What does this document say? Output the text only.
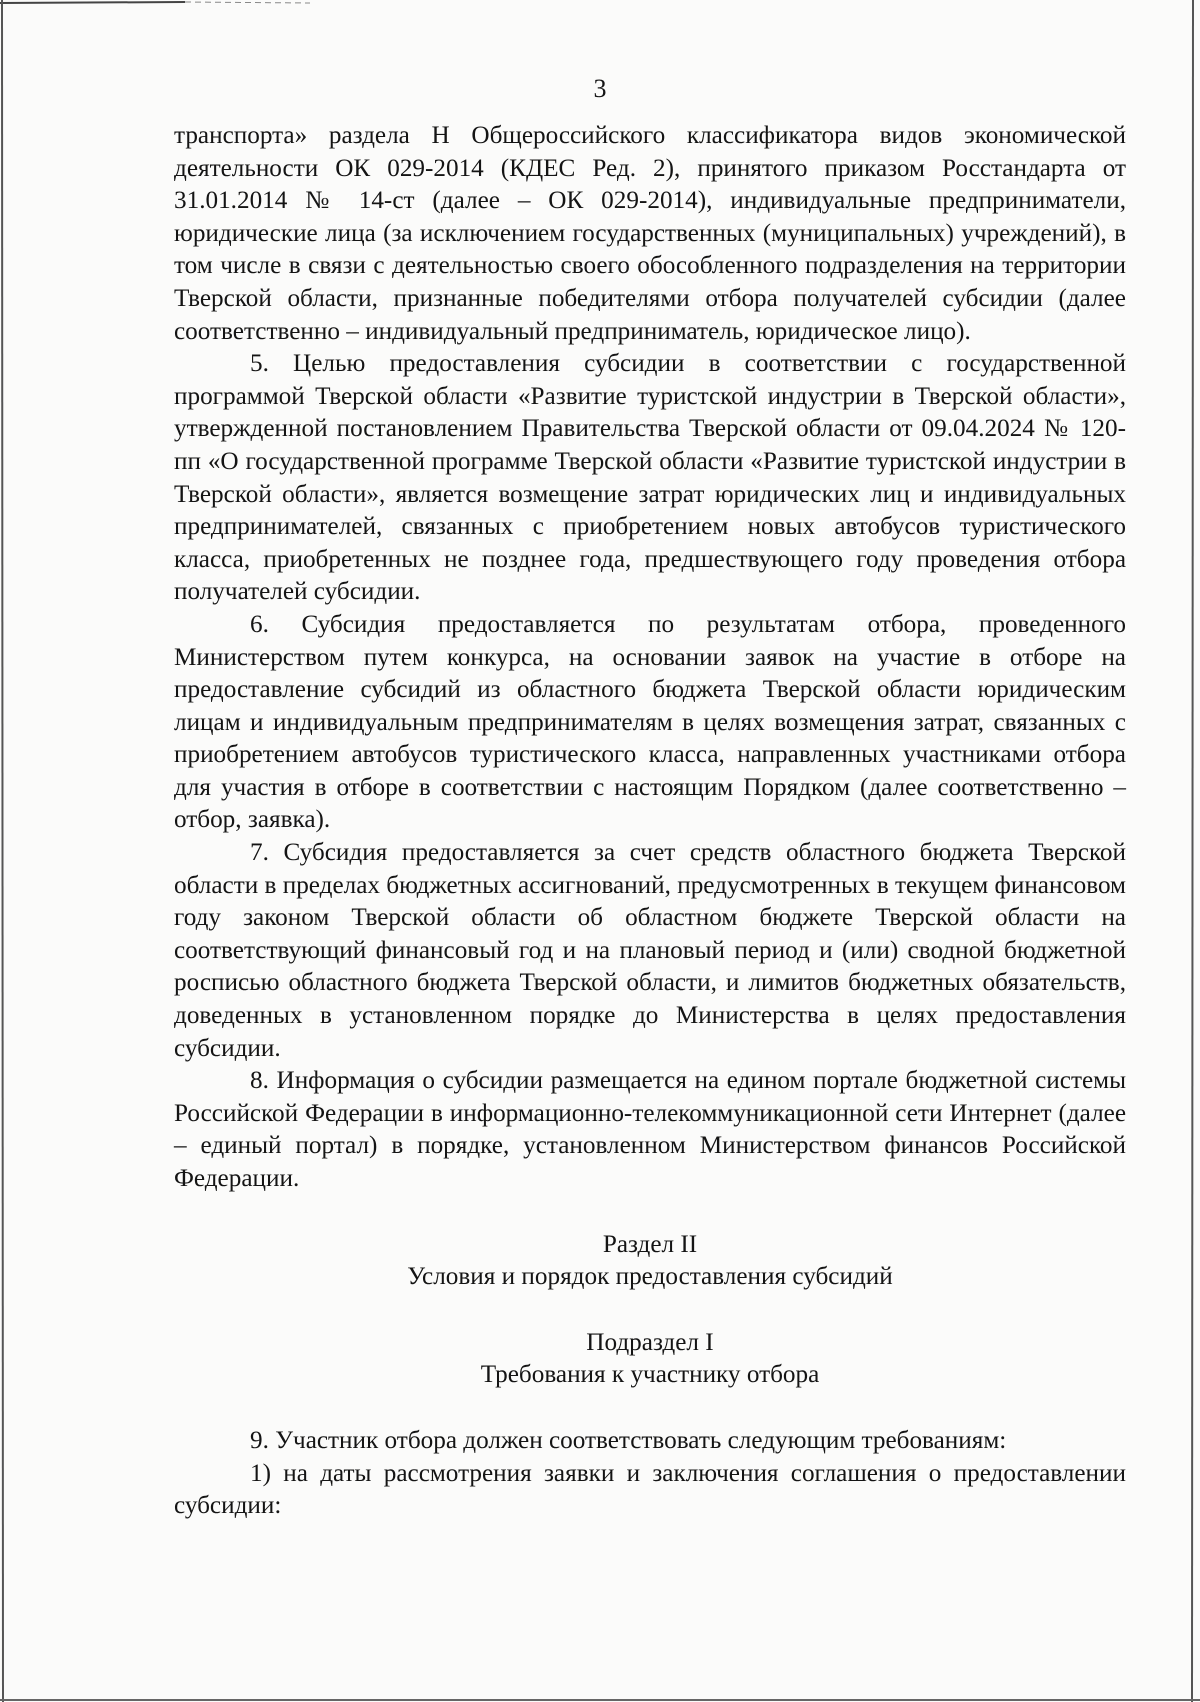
3

транспорта» раздела H Общероссийского классификатора видов экономической деятельности ОК 029-2014 (КДЕС Ред. 2), принятого приказом Росстандарта от 31.01.2014 № 14-ст (далее – ОК 029-2014), индивидуальные предприниматели, юридические лица (за исключением государственных (муниципальных) учреждений), в том числе в связи с деятельностью своего обособленного подразделения на территории Тверской области, признанные победителями отбора получателей субсидии (далее соответственно – индивидуальный предприниматель, юридическое лицо).

5. Целью предоставления субсидии в соответствии с государственной программой Тверской области «Развитие туристской индустрии в Тверской области», утвержденной постановлением Правительства Тверской области от 09.04.2024 № 120-пп «О государственной программе Тверской области «Развитие туристской индустрии в Тверской области», является возмещение затрат юридических лиц и индивидуальных предпринимателей, связанных с приобретением новых автобусов туристического класса, приобретенных не позднее года, предшествующего году проведения отбора получателей субсидии.

6. Субсидия предоставляется по результатам отбора, проведенного Министерством путем конкурса, на основании заявок на участие в отборе на предоставление субсидий из областного бюджета Тверской области юридическим лицам и индивидуальным предпринимателям в целях возмещения затрат, связанных с приобретением автобусов туристического класса, направленных участниками отбора для участия в отборе в соответствии с настоящим Порядком (далее соответственно – отбор, заявка).

7. Субсидия предоставляется за счет средств областного бюджета Тверской области в пределах бюджетных ассигнований, предусмотренных в текущем финансовом году законом Тверской области об областном бюджете Тверской области на соответствующий финансовый год и на плановый период и (или) сводной бюджетной росписью областного бюджета Тверской области, и лимитов бюджетных обязательств, доведенных в установленном порядке до Министерства в целях предоставления субсидии.

8. Информация о субсидии размещается на едином портале бюджетной системы Российской Федерации в информационно-телекоммуникационной сети Интернет (далее – единый портал) в порядке, установленном Министерством финансов Российской Федерации.

Раздел II

Условия и порядок предоставления субсидий

Подраздел I

Требования к участнику отбора

9. Участник отбора должен соответствовать следующим требованиям:

1) на даты рассмотрения заявки и заключения соглашения о предоставлении субсидии:
